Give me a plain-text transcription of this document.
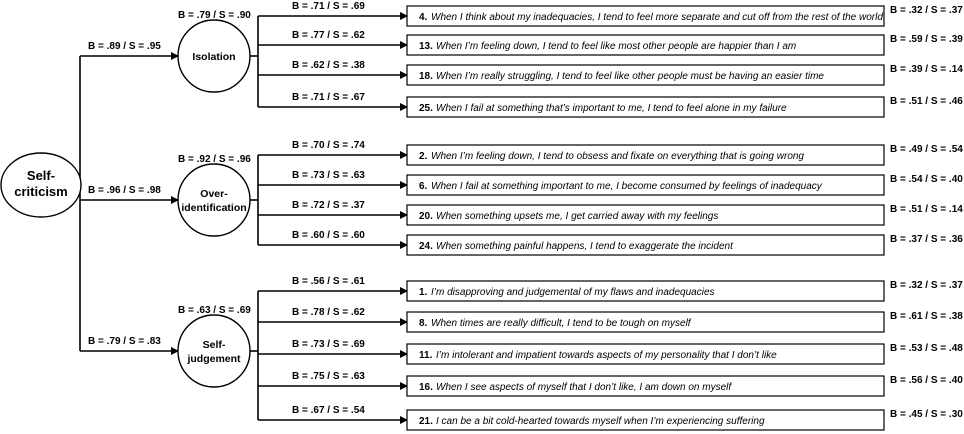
Self-
criticism
B = .89 / S = .95
Isolation
B = .79 / S = .90
B = .71 / S = .69
4. When I think about my inadequacies, I tend to feel more separate and cut off from the rest of the world
B = .32 / S = .37
B = .77 / S = .62
13. When I’m feeling down, I tend to feel like most other people are happier than I am
B = .59 / S = .39
B = .62 / S = .38
18. When I’m really struggling, I tend to feel like other people must be having an easier time
B = .39 / S = .14
B = .71 / S = .67
25. When I fail at something that’s important to me, I tend to feel alone in my failure
B = .51 / S = .46
B = .96 / S = .98	Over-
identification
B = .92 / S = .96
B = .70 / S = .74
2. When I’m feeling down, I tend to obsess and fixate on everything that is going wrong
B = .49 / S = .54
B = .73 / S = .63
6. When I fail at something important to me, I become consumed by feelings of inadequacy
B = .54 / S = .40
B = .72 / S = .37
20. When something upsets me, I get carried away with my feelings
B = .51 / S = .14
B = .60 / S = .60
24. When something painful happens, I tend to exaggerate the incident
B = .37 / S = .36
B = .79 / S = .83	Self-
judgement
B = .63 / S = .69
B = .56 / S = .61
1. I’m disapproving and judgemental of my flaws and inadequacies
B = .32 / S = .37
B = .78 / S = .62
8. When times are really difficult, I tend to be tough on myself
B = .61 / S = .38
B = .73 / S = .69
11. I’m intolerant and impatient towards aspects of my personality that I don’t like
B = .53 / S = .48
B = .75 / S = .63
16. When I see aspects of myself that I don’t like, I am down on myself
B = .56 / S = .40
B = .67 / S = .54
21. I can be a bit cold-hearted towards myself when I’m experiencing suffering
B = .45 / S = .30
